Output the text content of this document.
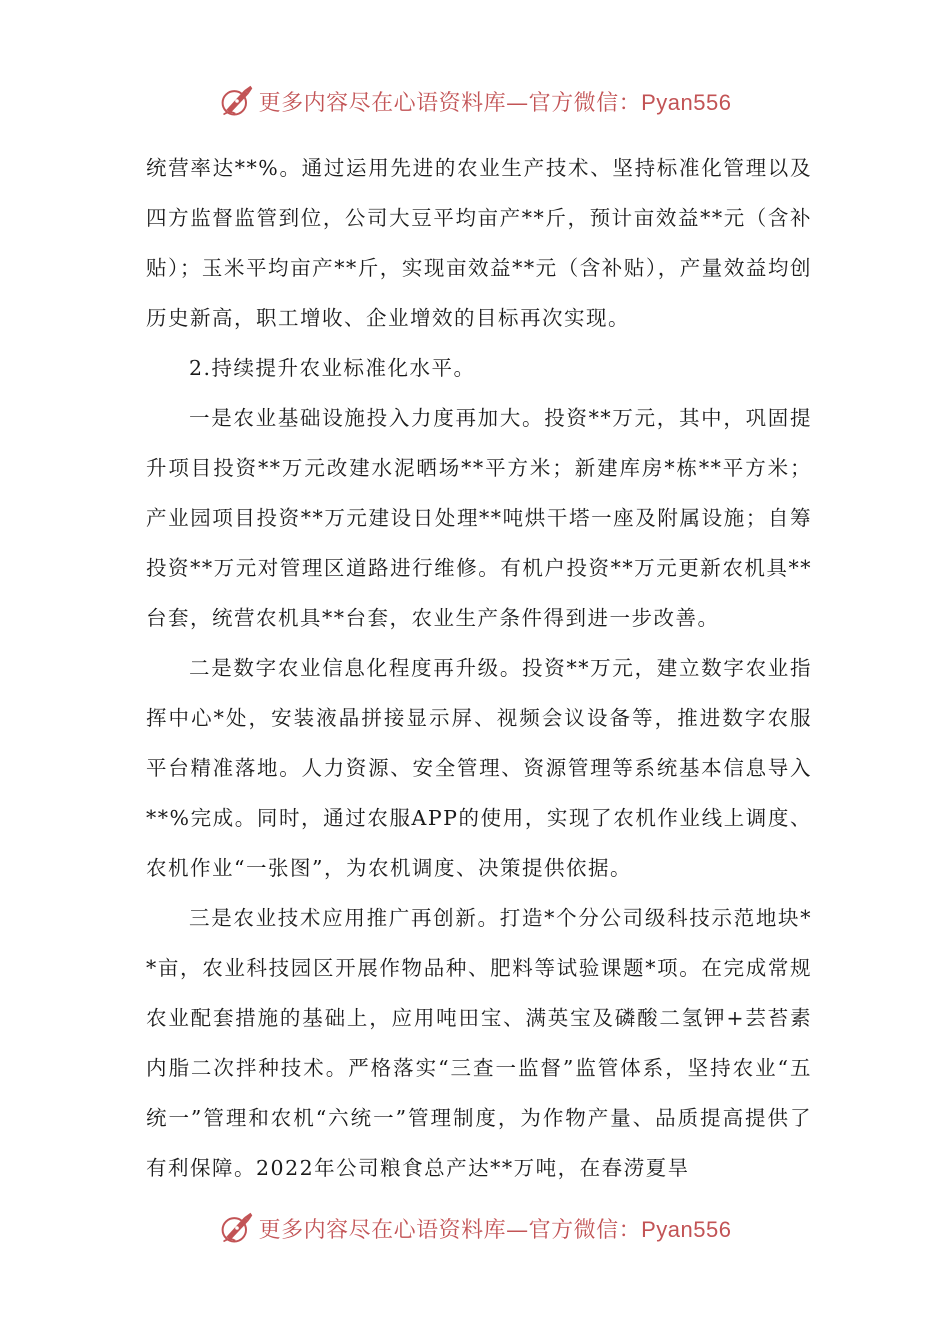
更多内容尽在心语资料库—官方微信：Pyan556

统营率达**%。通过运用先进的农业生产技术、坚持标准化管理以及四方监督监管到位，公司大豆平均亩产**斤，预计亩效益**元（含补贴）；玉米平均亩产**斤，实现亩效益**元（含补贴），产量效益均创历史新高，职工增收、企业增效的目标再次实现。

2.持续提升农业标准化水平。

一是农业基础设施投入力度再加大。投资**万元，其中，巩固提升项目投资**万元改建水泥晒场**平方米；新建库房*栋**平方米；产业园项目投资**万元建设日处理**吨烘干塔一座及附属设施；自筹投资**万元对管理区道路进行维修。有机户投资**万元更新农机具**台套，统营农机具**台套，农业生产条件得到进一步改善。

二是数字农业信息化程度再升级。投资**万元，建立数字农业指挥中心*处，安装液晶拼接显示屏、视频会议设备等，推进数字农服平台精准落地。人力资源、安全管理、资源管理等系统基本信息导入**%完成。同时，通过农服APP的使用，实现了农机作业线上调度、农机作业“一张图”，为农机调度、决策提供依据。

三是农业技术应用推广再创新。打造*个分公司级科技示范地块**亩，农业科技园区开展作物品种、肥料等试验课题*项。在完成常规农业配套措施的基础上，应用吨田宝、满英宝及磷酸二氢钾+芸苔素内脂二次拌种技术。严格落实“三查一监督”监管体系，坚持农业“五统一”管理和农机“六统一”管理制度，为作物产量、品质提高提供了有利保障。2022年公司粮食总产达**万吨，在春涝夏旱

更多内容尽在心语资料库—官方微信：Pyan556
